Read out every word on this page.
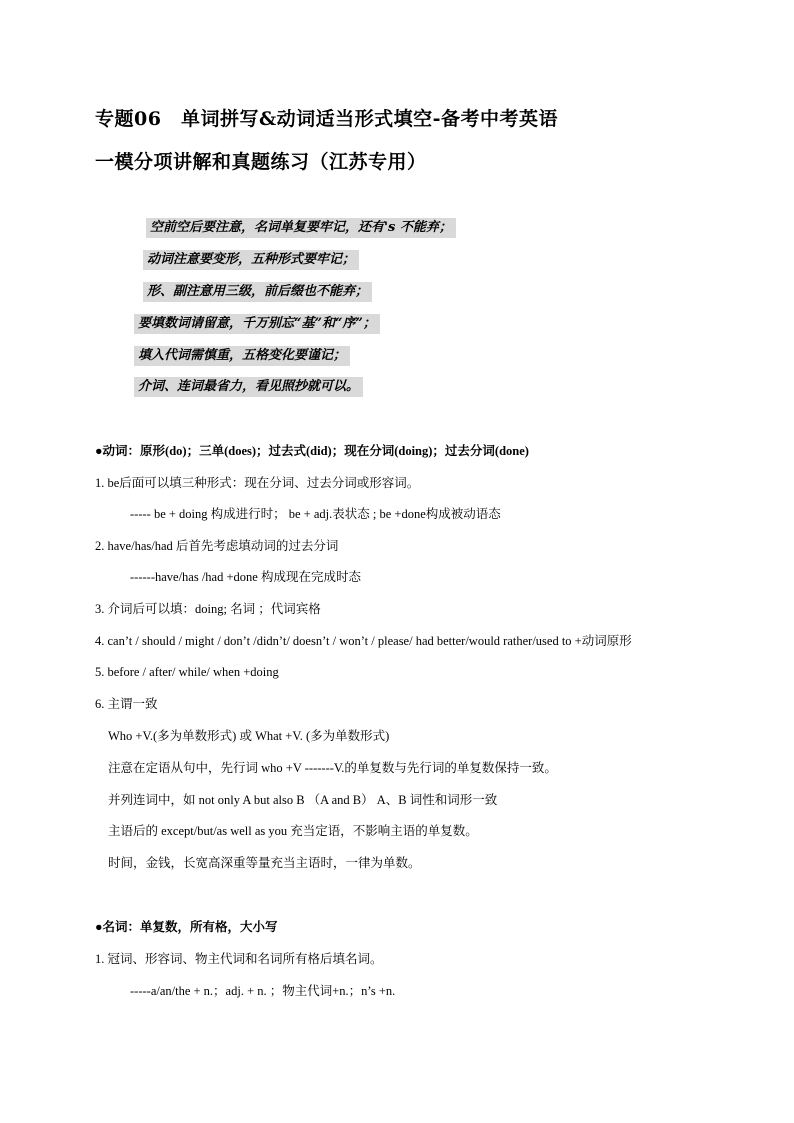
专题06　单词拼写&动词适当形式填空-备考中考英语
一模分项讲解和真题练习（江苏专用）
空前空后要注意，名词单复要牢记，还有's 不能弃；
动词注意要变形，五种形式要牢记；
形、副注意用三级，前后缀也不能弃；
要填数词请留意，千万别忘“基”和“序”；
填入代词需慎重，五格变化要谨记；
介词、连词最省力，看见照抄就可以。
●动词：原形(do)；三单(does)；过去式(did)；现在分词(doing)；过去分词(done)
1. be后面可以填三种形式：现在分词、过去分词或形容词。
----- be + doing 构成进行时； be + adj.表状态 ; be +done构成被动语态
2. have/has/had 后首先考虑填动词的过去分词
------have/has /had +done 构成现在完成时态
3. 介词后可以填：doing; 名词 ；代词宾格
4. can’t / should / might / don’t /didn’t/ doesn’t / won’t / please/ had better/would rather/used to +动词原形
5. before / after/ while/ when +doing
6. 主谓一致
Who +V.(多为单数形式) 或 What +V. (多为单数形式)
注意在定语从句中，先行词 who +V -------V.的单复数与先行词的单复数保持一致。
并列连词中，如 not only A but also B （A and B） A、B 词性和词形一致
主语后的 except/but/as well as you 充当定语，不影响主语的单复数。
时间，金钱，长宽高深重等量充当主语时，一律为单数。
●名词：单复数，所有格，大小写
1. 冠词、形容词、物主代词和名词所有格后填名词。
-----a/an/the + n.；adj. + n. ；物主代词+n.；n’s +n.
